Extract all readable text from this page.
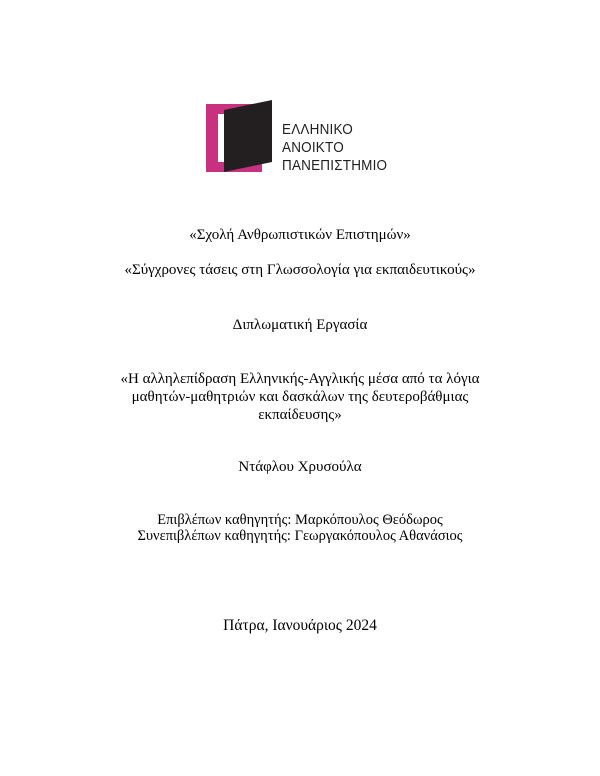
ΕΛΛΗΝΙΚΟ
ΑΝΟΙΚΤΟ
ΠΑΝΕΠΙΣΤΗΜΙΟ
«Σχολή Ανθρωπιστικών Επιστημών»
«Σύγχρονες τάσεις στη Γλωσσολογία για εκπαιδευτικούς»
Διπλωματική Εργασία
«Η αλληλεπίδραση Ελληνικής-Αγγλικής μέσα από τα λόγια
μαθητών-μαθητριών και δασκάλων της δευτεροβάθμιας
εκπαίδευσης»
Ντάφλου Χρυσούλα
Επιβλέπων καθηγητής: Μαρκόπουλος Θεόδωρος
Συνεπιβλέπων καθηγητής: Γεωργακόπουλος Αθανάσιος
Πάτρα, Ιανουάριος 2024
